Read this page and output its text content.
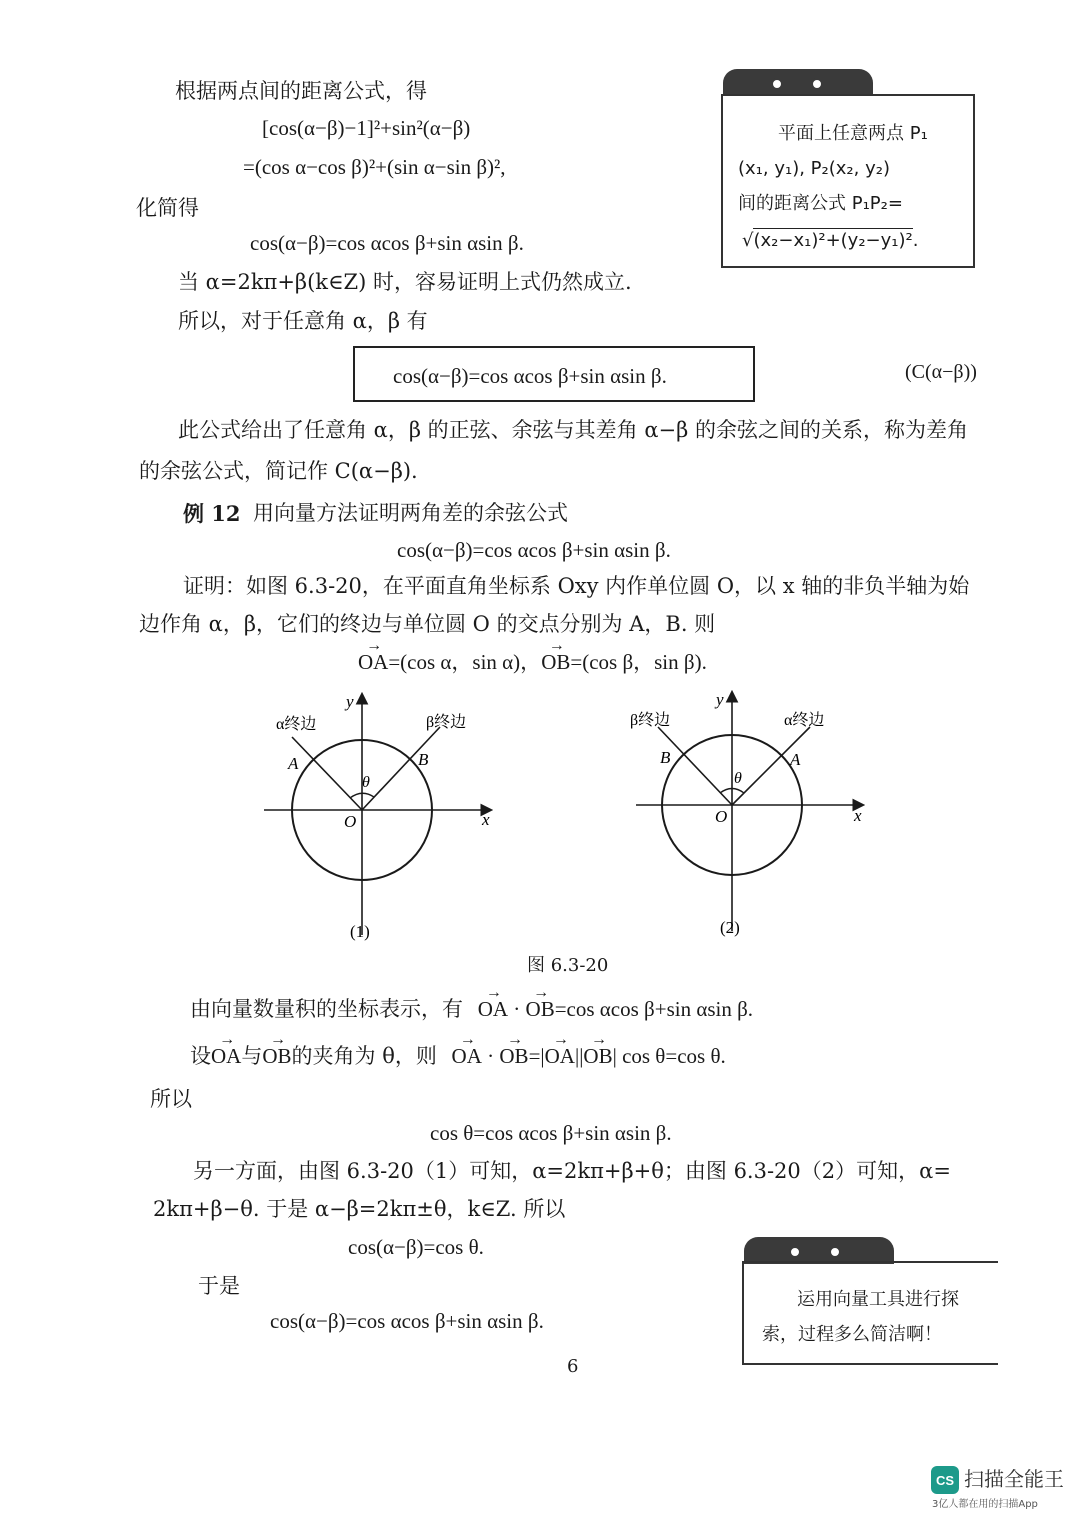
根据两点间的距离公式，得
[cos(α−β)−1]²+sin²(α−β)
=(cos α−cos β)²+(sin α−sin β)²,
化简得
cos(α−β)=cos αcos β+sin αsin β.
当 α=2kπ+β(k∈Z) 时，容易证明上式仍然成立.
所以，对于任意角 α，β 有
cos(α−β)=cos αcos β+sin αsin β.	(C(α−β))
平面上任意两点 P₁
(x₁, y₁), P₂(x₂, y₂)
间的距离公式 P₁P₂=
√(x₂−x₁)²+(y₂−y₁)².
此公式给出了任意角 α，β 的正弦、余弦与其差角 α−β 的余弦之间的关系，称为差角
的余弦公式，简记作 C(α−β).
例 12 用向量方法证明两角差的余弦公式
cos(α−β)=cos αcos β+sin αsin β.
证明：如图 6.3-20，在平面直角坐标系 Oxy 内作单位圆 O，以 x 轴的非负半轴为始
边作角 α，β，它们的终边与单位圆 O 的交点分别为 A，B. 则
→ OA=(cos α，sin α)，→ OB=(cos β，sin β).
y
x
O
α终边	β终边
A	B
θ
(1)
y
x
O
β终边	α终边
B	A
θ
(2)
图 6.3-20
由向量数量积的坐标表示，有 → OA · → OB=cos αcos β+sin αsin β.
设→ OA与→ OB的夹角为 θ，则 → OA · → OB=|→ OA||→ OB| cos θ=cos θ.
所以
cos θ=cos αcos β+sin αsin β.
另一方面，由图 6.3-20（1）可知，α=2kπ+β+θ；由图 6.3-20（2）可知，α=
2kπ+β−θ. 于是 α−β=2kπ±θ，k∈Z. 所以
cos(α−β)=cos θ.
于是
cos(α−β)=cos αcos β+sin αsin β.
运用向量工具进行探
索，过程多么简洁啊！
6
CS 扫描全能王
3亿人都在用的扫描App
